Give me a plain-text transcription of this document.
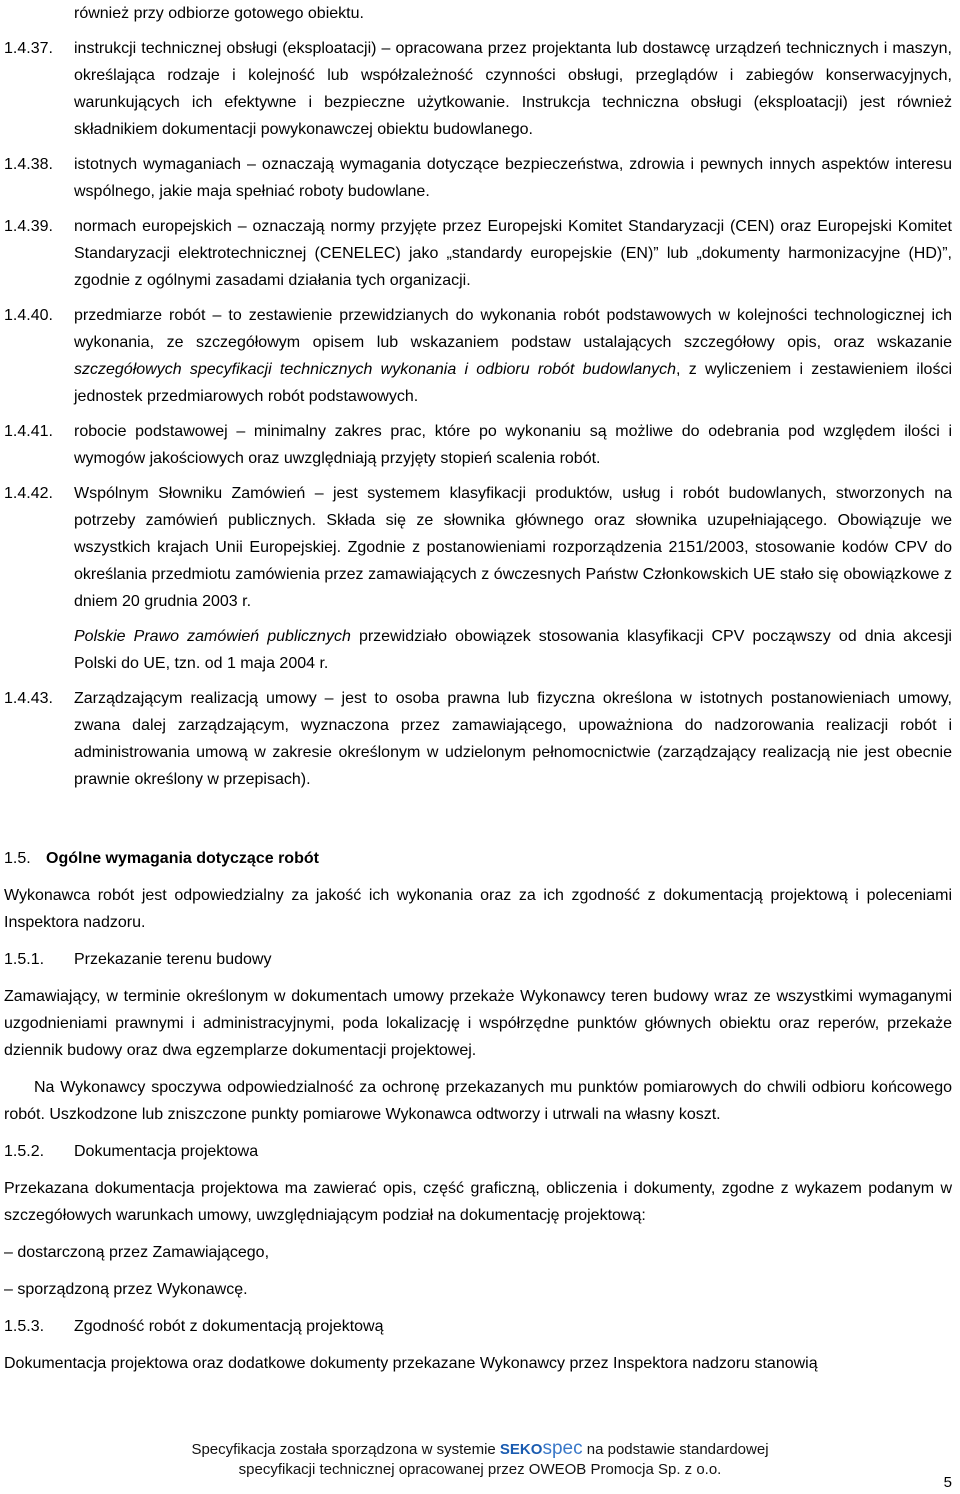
również przy odbiorze gotowego obiektu.

1.4.37.	instrukcji technicznej obsługi (eksploatacji) – opracowana przez projektanta lub dostawcę urządzeń technicznych i maszyn, określająca rodzaje i kolejność lub współzależność czynności obsługi, przeglądów i zabiegów konserwacyjnych, warunkujących ich efektywne i bezpieczne użytkowanie. Instrukcja techniczna obsługi (eksploatacji) jest również składnikiem dokumentacji powykonawczej obiektu budowlanego.
1.4.38.	istotnych wymaganiach – oznaczają wymagania dotyczące bezpieczeństwa, zdrowia i pewnych innych aspektów interesu wspólnego, jakie maja spełniać roboty budowlane.
1.4.39.	normach europejskich – oznaczają normy przyjęte przez Europejski Komitet Standaryzacji (CEN) oraz Europejski Komitet Standaryzacji elektrotechnicznej (CENELEC) jako „standardy europejskie (EN)” lub „dokumenty harmonizacyjne (HD)”, zgodnie z ogólnymi zasadami działania tych organizacji.
1.4.40.	przedmiarze robót – to zestawienie przewidzianych do wykonania robót podstawowych w kolejności technologicznej ich wykonania, ze szczegółowym opisem lub wskazaniem podstaw ustalających szczegółowy opis, oraz wskazanie szczegółowych specyfikacji technicznych wykonania i odbioru robót budowlanych, z wyliczeniem i zestawieniem ilości jednostek przedmiarowych robót podstawowych.
1.4.41.	robocie podstawowej – minimalny zakres prac, które po wykonaniu są możliwe do odebrania pod względem ilości i wymogów jakościowych oraz uwzględniają przyjęty stopień scalenia robót.
1.4.42.	Wspólnym Słowniku Zamówień – jest systemem klasyfikacji produktów, usług i robót budowlanych, stworzonych na potrzeby zamówień publicznych. Składa się ze słownika głównego oraz słownika uzupełniającego. Obowiązuje we wszystkich krajach Unii Europejskiej. Zgodnie z postanowieniami rozporządzenia 2151/2003, stosowanie kodów CPV do określania przedmiotu zamówienia przez zamawiających z ówczesnych Państw Członkowskich UE stało się obowiązkowe z dniem 20 grudnia 2003 r.
Polskie Prawo zamówień publicznych przewidziało obowiązek stosowania klasyfikacji CPV począwszy od dnia akcesji Polski do UE, tzn. od 1 maja 2004 r.
1.4.43.	Zarządzającym realizacją umowy – jest to osoba prawna lub fizyczna określona w istotnych postanowieniach umowy, zwana dalej zarządzającym, wyznaczona przez zamawiającego, upoważniona do nadzorowania realizacji robót i administrowania umową w zakresie określonym w udzielonym pełnomocnictwie (zarządzający realizacją nie jest obecnie prawnie określony w przepisach).
1.5. Ogólne wymagania dotyczące robót

Wykonawca robót jest odpowiedzialny za jakość ich wykonania oraz za ich zgodność z dokumentacją projektową i poleceniami Inspektora nadzoru.

1.5.1.	Przekazanie terenu budowy

Zamawiający, w terminie określonym w dokumentach umowy przekaże Wykonawcy teren budowy wraz ze wszystkimi wymaganymi uzgodnieniami prawnymi i administracyjnymi, poda lokalizację i współrzędne punktów głównych obiektu oraz reperów, przekaże dziennik budowy oraz dwa egzemplarze dokumentacji projektowej.

Na Wykonawcy spoczywa odpowiedzialność za ochronę przekazanych mu punktów pomiarowych do chwili odbioru końcowego robót. Uszkodzone lub zniszczone punkty pomiarowe Wykonawca odtworzy i utrwali na własny koszt.

1.5.2.	Dokumentacja projektowa

Przekazana dokumentacja projektowa ma zawierać opis, część graficzną, obliczenia i dokumenty, zgodne z wykazem podanym w szczegółowych warunkach umowy, uwzględniającym podział na dokumentację projektową:

– dostarczoną przez Zamawiającego,

– sporządzoną przez Wykonawcę.

1.5.3.	Zgodność robót z dokumentacją projektową

Dokumentacja projektowa oraz dodatkowe dokumenty przekazane Wykonawcy przez Inspektora nadzoru stanowią

Specyfikacja została sporządzona w systemie SEKOspec na podstawie standardowej
specyfikacji technicznej opracowanej przez OWEOB Promocja Sp. z o.o.
5
